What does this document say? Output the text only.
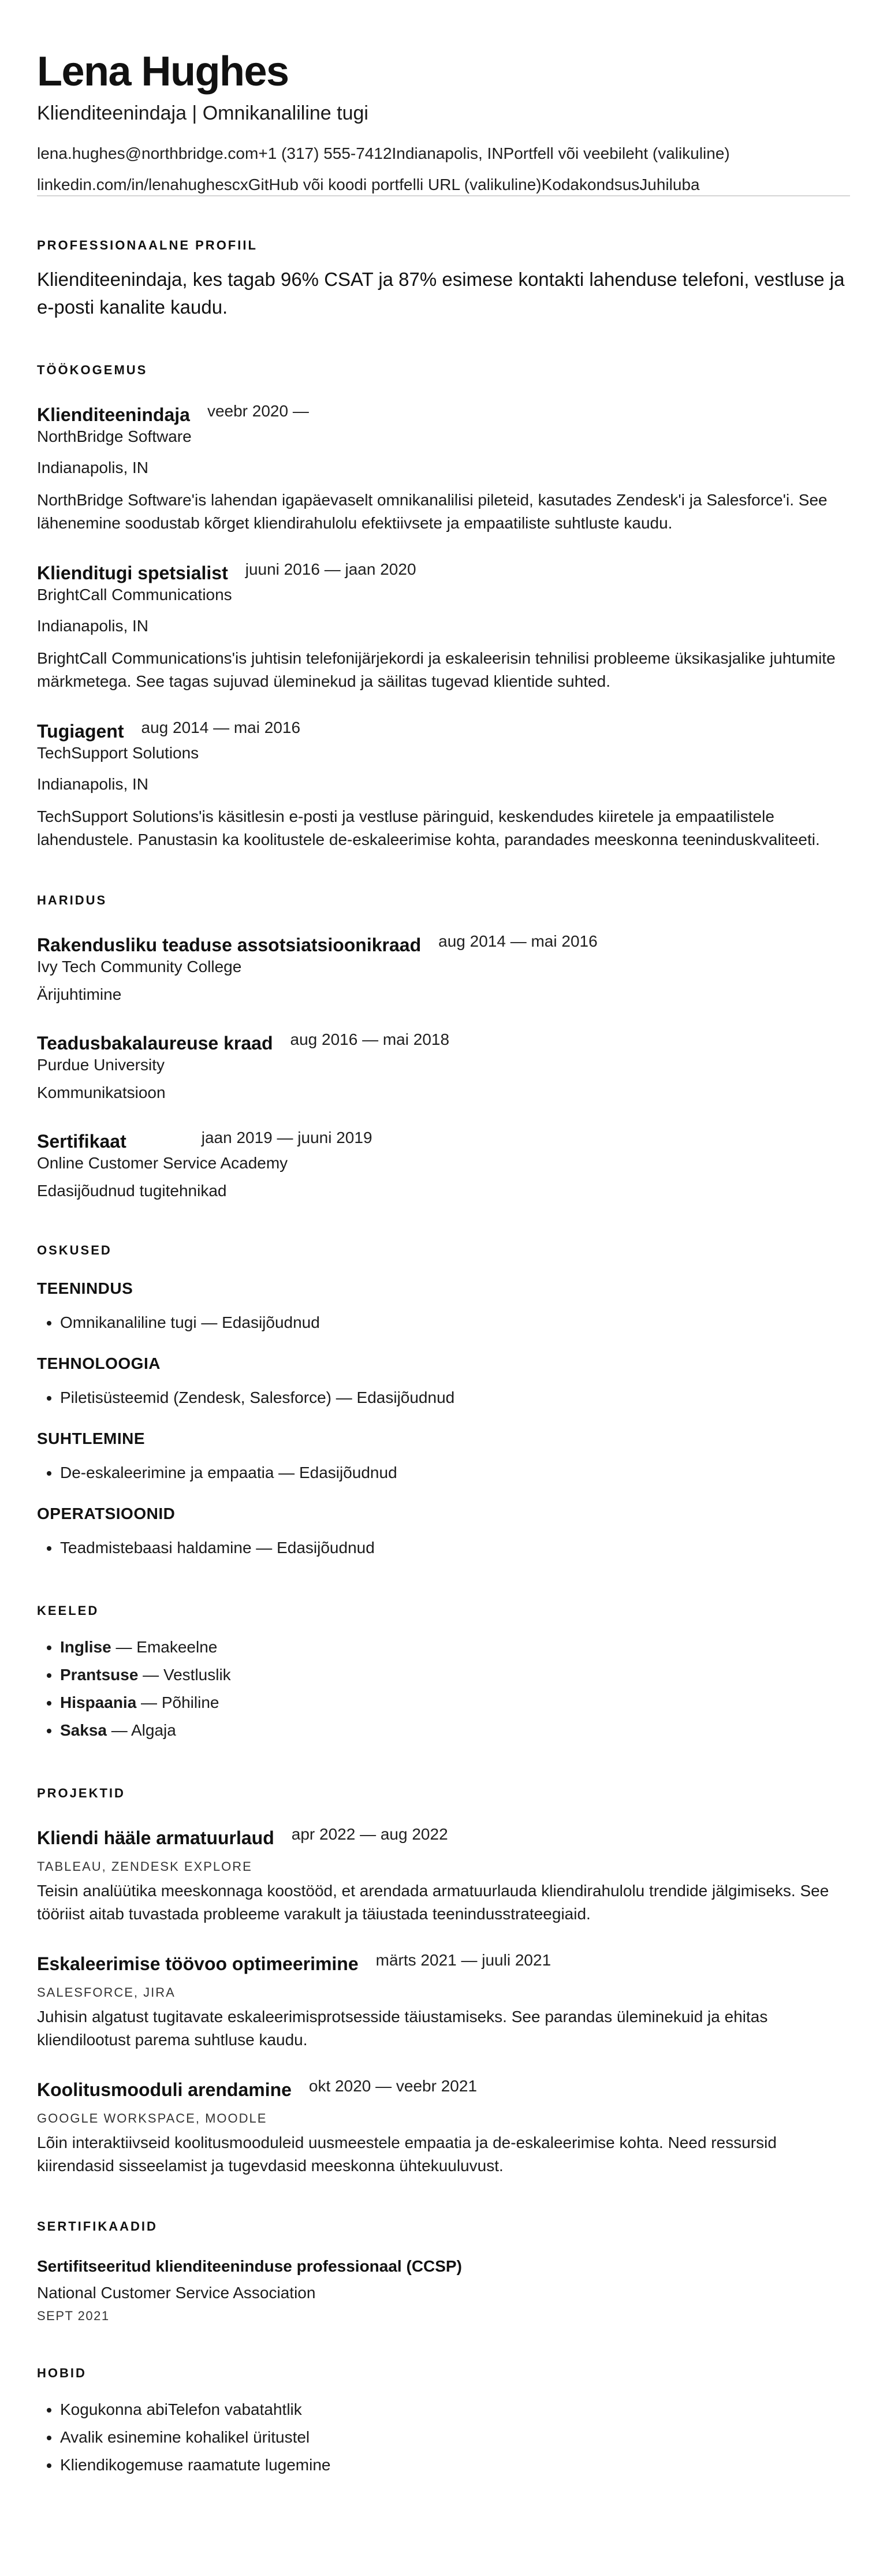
Lena Hughes
Klienditeenindaja | Omnikanaliline tugi
lena.hughes@northbridge.com+1 (317) 555-7412Indianapolis, INPortfell või veebileht (valikuline)
linkedin.com/in/lenahughescxGitHub või koodi portfelli URL (valikuline)KodakondsusJuhiluba
PROFESSIONAALNE PROFIIL
Klienditeenindaja, kes tagab 96% CSAT ja 87% esimese kontakti lahenduse telefoni, vestluse ja e-posti kanalite kaudu.
TÖÖKOGEMUS
Klienditeenindaja veebr 2020 —
NorthBridge Software
Indianapolis, IN
NorthBridge Software'is lahendan igapäevaselt omnikanalilisi pileteid, kasutades Zendesk'i ja Salesforce'i. See lähenemine soodustab kõrget kliendirahulolu efektiivsete ja empaatiliste suhtluste kaudu.
Klienditugi spetsialist juuni 2016 — jaan 2020
BrightCall Communications
Indianapolis, IN
BrightCall Communications'is juhtisin telefonijärjekordi ja eskaleerisin tehnilisi probleeme üksikasjalike juhtumite märkmetega. See tagas sujuvad üleminekud ja säilitas tugevad klientide suhted.
Tugiagent aug 2014 — mai 2016
TechSupport Solutions
Indianapolis, IN
TechSupport Solutions'is käsitlesin e-posti ja vestluse päringuid, keskendudes kiiretele ja empaatilistele lahendustele. Panustasin ka koolitustele de-eskaleerimise kohta, parandades meeskonna teeninduskvaliteeti.
HARIDUS
Rakendusliku teaduse assotsiatsioonikraad aug 2014 — mai 2016
Ivy Tech Community College
Ärijuhtimine
Teadusbakalaureuse kraad aug 2016 — mai 2018
Purdue University
Kommunikatsioon
Sertifikaat	jaan 2019 — juuni 2019
Online Customer Service Academy
Edasijõudnud tugitehnikad
OSKUSED
TEENINDUS
• Omnikanaliline tugi — Edasijõudnud
TEHNOLOOGIA
• Piletisüsteemid (Zendesk, Salesforce) — Edasijõudnud
SUHTLEMINE
• De-eskaleerimine ja empaatia — Edasijõudnud
OPERATSIOONID
• Teadmistebaasi haldamine — Edasijõudnud
KEELED
• Inglise — Emakeelne
• Prantsuse — Vestluslik
• Hispaania — Põhiline
• Saksa — Algaja
PROJEKTID
Kliendi hääle armatuurlaud apr 2022 — aug 2022
TABLEAU, ZENDESK EXPLORE
Teisin analüütika meeskonnaga koostööd, et arendada armatuurlauda kliendirahulolu trendide jälgimiseks. See tööriist aitab tuvastada probleeme varakult ja täiustada teenindusstrateegiaid.
Eskaleerimise töövoo optimeerimine märts 2021 — juuli 2021
SALESFORCE, JIRA
Juhisin algatust tugitavate eskaleerimisprotsesside täiustamiseks. See parandas üleminekuid ja ehitas kliendilootust parema suhtluse kaudu.
Koolitusmooduli arendamine okt 2020 — veebr 2021
GOOGLE WORKSPACE, MOODLE
Lõin interaktiivseid koolitusmooduleid uusmeestele empaatia ja de-eskaleerimise kohta. Need ressursid kiirendasid sisseelamist ja tugevdasid meeskonna ühtekuuluvust.
SERTIFIKAADID
Sertifitseeritud klienditeeninduse professionaal (CCSP)
National Customer Service Association
SEPT 2021
HOBID
• Kogukonna abiTelefon vabatahtlik
• Avalik esinemine kohalikel üritustel
• Kliendikogemuse raamatute lugemine
